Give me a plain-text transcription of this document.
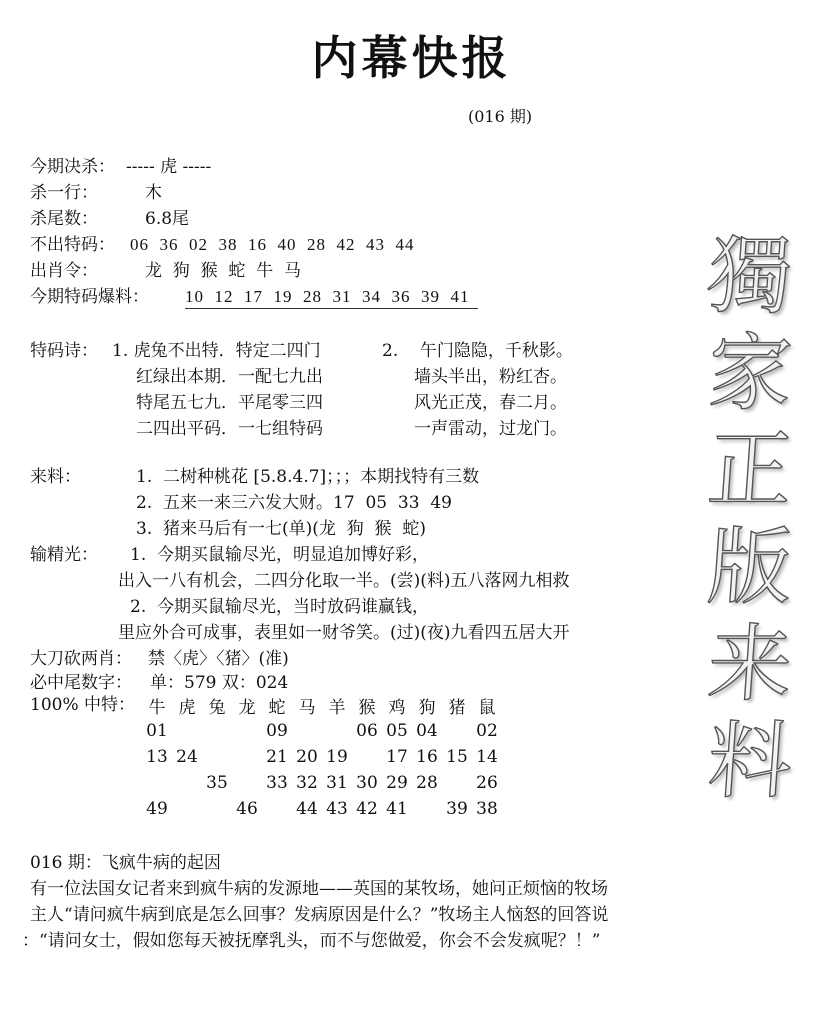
内幕快报
(016 期)
今期决杀： ----- 虎 -----
杀一行：	木
杀尾数：	6.8尾
不出特码： 06  36  02  38  16  40  28  42  43  44
出肖令：	龙  狗  猴  蛇  牛  马
今期特码爆料： 10  12  17  19  28  31  34  36  39  41
特码诗： 1. 虎兔不出特．特定二四门
红绿出本期．一配七九出
特尾五七九．平尾零三四
二四出平码．一七组特码
2.    午门隐隐，千秋影。
墙头半出，粉红杏。
风光正茂，春二月。
一声雷动，过龙门。
来料：	1.  二树种桃花 [5.8.4.7]；；；本期找特有三数
2.  五来一来三六发大财。17  05  33  49
3.  猪来马后有一七(单)(龙  狗  猴  蛇)
输精光： 1.  今期买鼠输尽光，明显追加博好彩，
出入一八有机会，二四分化取一半。(尝)(料)五八落网九相救
2.  今期买鼠输尽光，当时放码谁赢钱，
里应外合可成事，表里如一财爷笑。(过)(夜)九看四五居大开
大刀砍两肖： 禁〈虎〉〈猪〉(准)
必中尾数字： 单：579 双：024
100% 中特： 牛	虎	兔	龙	蛇	马	羊	猴	鸡	狗	猪	鼠
01				09			06	05	04		02
13	24			21	20	19		17	16	15	14
		35		33	32	31	30	29	28		26
49			46		44	43	42	41		39	38
016 期：飞疯牛病的起因
有一位法国女记者来到疯牛病的发源地——英国的某牧场，她问正烦恼的牧场
主人“请问疯牛病到底是怎么回事？发病原因是什么？”牧场主人恼怒的回答说
：“请问女士，假如您每天被抚摩乳头，而不与您做爱，你会不会发疯呢？！”
獨
家
正
版
来
料
